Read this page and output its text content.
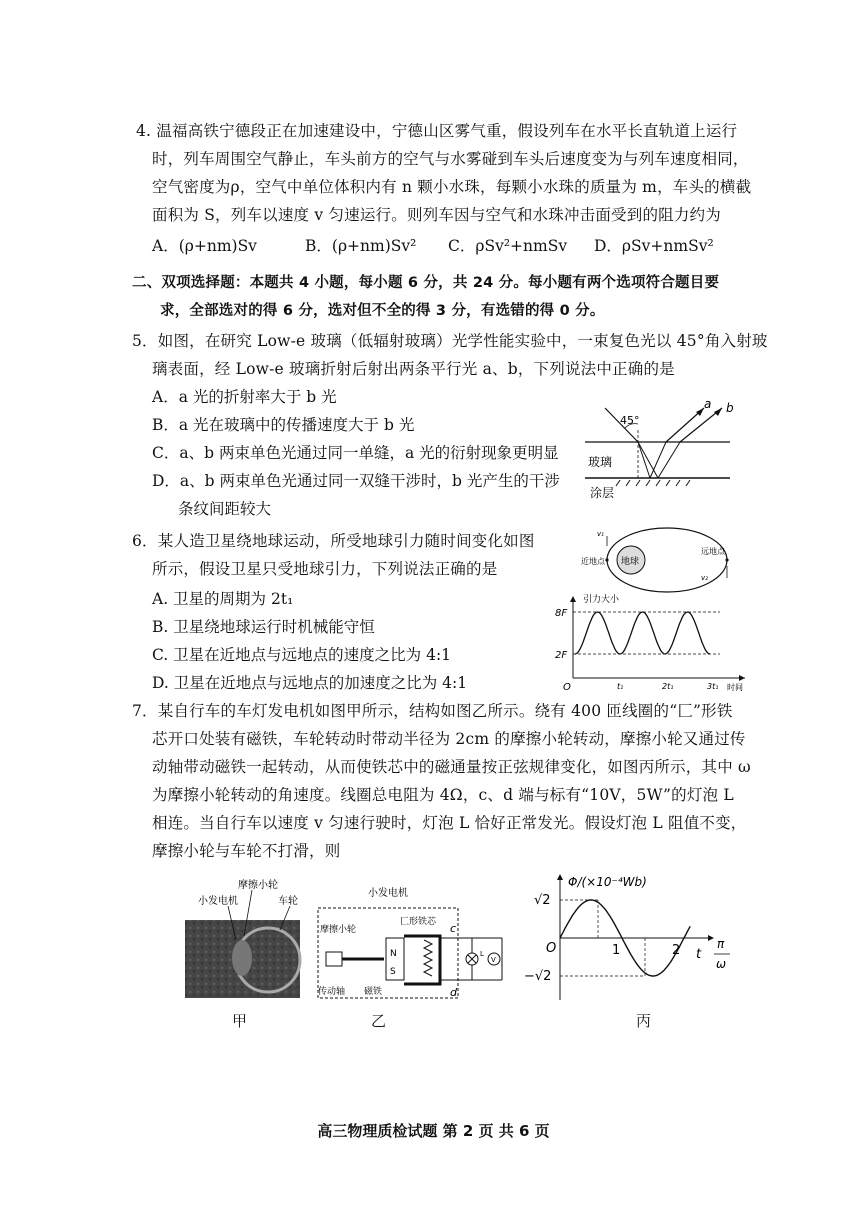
4. 温福高铁宁德段正在加速建设中，宁德山区雾气重，假设列车在水平长直轨道上运行
时，列车周围空气静止，车头前方的空气与水雾碰到车头后速度变为与列车速度相同，
空气密度为ρ，空气中单位体积内有 n 颗小水珠，每颗小水珠的质量为 m，车头的横截
面积为 S，列车以速度 v 匀速运行。则列车因与空气和水珠冲击面受到的阻力约为
A．(ρ+nm)Sv	B．(ρ+nm)Sv² C．ρSv²+nmSv D．ρSv+nmSv²
二、双项选择题：本题共 4 小题，每小题 6 分，共 24 分。每小题有两个选项符合题目要
求，全部选对的得 6 分，选对但不全的得 3 分，有选错的得 0 分。
5．如图，在研究 Low-e 玻璃（低辐射玻璃）光学性能实验中，一束复色光以 45°角入射玻
璃表面，经 Low-e 玻璃折射后射出两条平行光 a、b，下列说法中正确的是
A．a 光的折射率大于 b 光
B．a 光在玻璃中的传播速度大于 b 光
C．a、b 两束单色光通过同一单缝，a 光的衍射现象更明显
D．a、b 两束单色光通过同一双缝干涉时，b 光产生的干涉
条纹间距较大
45°
a b
玻璃
涂层
6．某人造卫星绕地球运动，所受地球引力随时间变化如图
所示，假设卫星只受地球引力，下列说法正确的是
A. 卫星的周期为 2t₁
B. 卫星绕地球运行时机械能守恒
C. 卫星在近地点与远地点的速度之比为 4:1
D. 卫星在近地点与远地点的加速度之比为 4:1
地球
近地点
远地点
v₁
v₂
引力大小
8F
2F
O	t₁	2t₁	3t₁ 时间
7．某自行车的车灯发电机如图甲所示，结构如图乙所示。绕有 400 匝线圈的“匚”形铁
芯开口处装有磁铁，车轮转动时带动半径为 2cm 的摩擦小轮转动，摩擦小轮又通过传
动轴带动磁铁一起转动，从而使铁芯中的磁通量按正弦规律变化，如图丙所示，其中 ω
为摩擦小轮转动的角速度。线圈总电阻为 4Ω，c、d 端与标有“10V，5W”的灯泡 L
相连。当自行车以速度 v 匀速行驶时，灯泡 L 恰好正常发光。假设灯泡 L 阻值不变，
摩擦小轮与车轮不打滑，则
摩擦小轮
小发电机	车轮
甲
小发电机
N
S
V
L
c
d
摩擦小轮
匚形铁芯
传动轴 磁铁
乙
Φ/(×10⁻⁴Wb)
√2
−√2
O	1	2 t
π
ω
丙
高三物理质检试题 第 2 页 共 6 页
